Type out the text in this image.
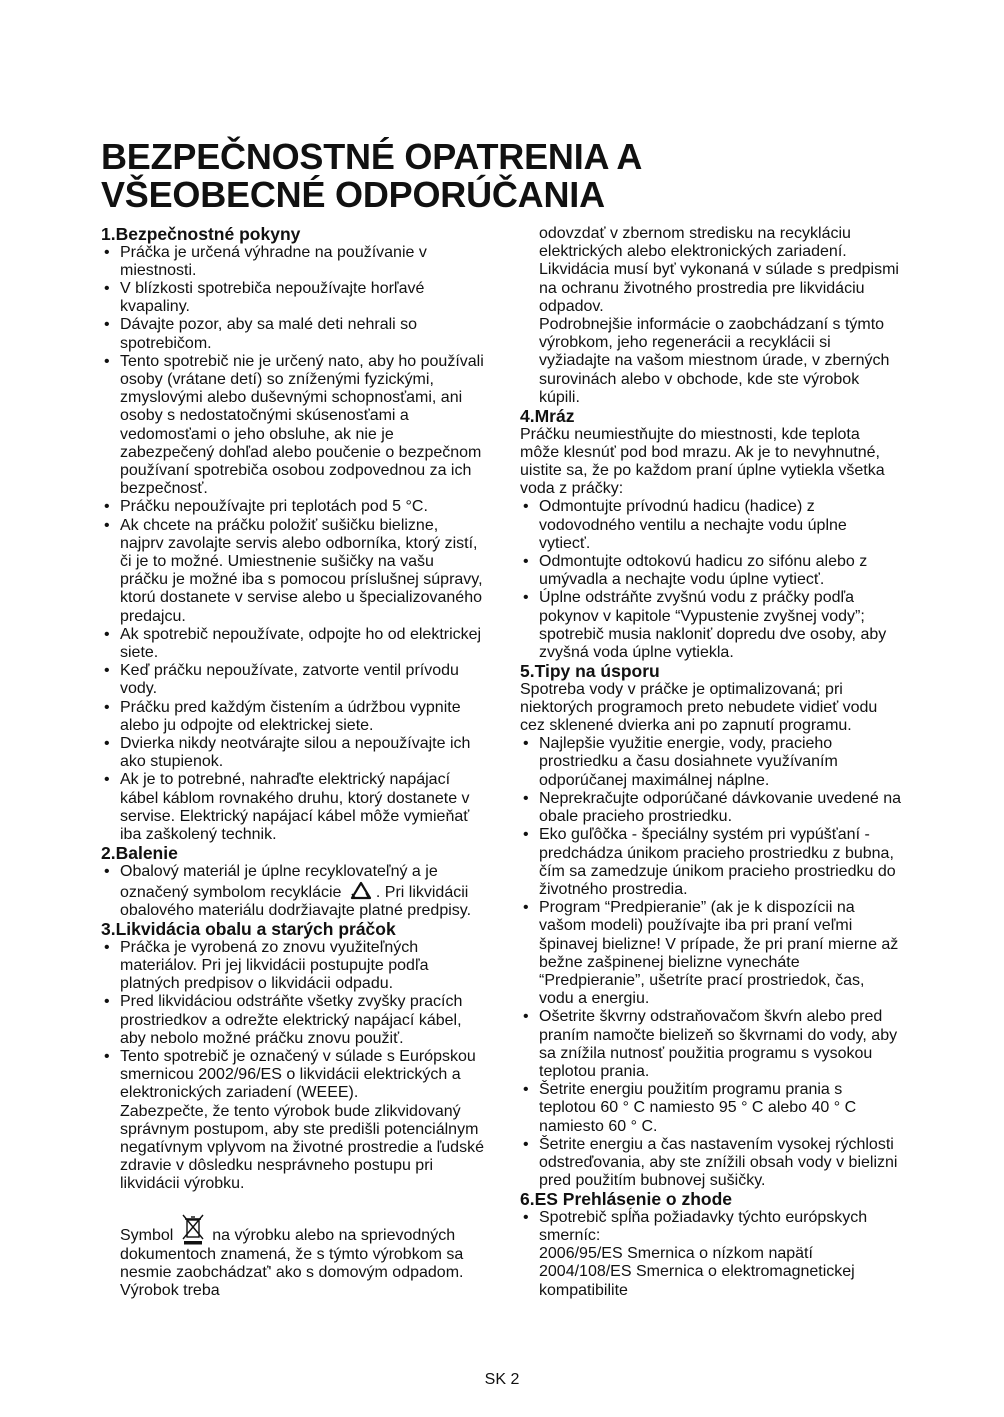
BEZPEČNOSTNÉ OPATRENIA A
VŠEOBECNÉ ODPORÚČANIA

1.Bezpečnostné pokyny

• Práčka je určená výhradne na používanie v miestnosti.
• V blízkosti spotrebiča nepoužívajte horľavé kvapaliny.
• Dávajte pozor, aby sa malé deti nehrali so spotrebičom.
• Tento spotrebič nie je určený nato, aby ho používali osoby (vrátane detí) so zníženými fyzickými, zmyslovými alebo duševnými schopnosťami, ani osoby s nedostatočnými skúsenosťami a vedomosťami o jeho obsluhe, ak nie je zabezpečený dohľad alebo poučenie o bezpečnom používaní spotrebiča osobou zodpovednou za ich bezpečnosť.
• Práčku nepoužívajte pri teplotách pod 5 °C.
• Ak chcete na práčku položiť sušičku bielizne, najprv zavolajte servis alebo odborníka, ktorý zistí, či je to možné. Umiestnenie sušičky na vašu práčku je možné iba s pomocou príslušnej súpravy, ktorú dostanete v servise alebo u špecializovaného predajcu.
• Ak spotrebič nepoužívate, odpojte ho od elektrickej siete.
• Keď práčku nepoužívate, zatvorte ventil prívodu vody.
• Práčku pred každým čistením a údržbou vypnite alebo ju odpojte od elektrickej siete.
• Dvierka nikdy neotvárajte silou a nepoužívajte ich ako stupienok.
• Ak je to potrebné, nahraďte elektrický napájací kábel káblom rovnakého druhu, ktorý dostanete v servise. Elektrický napájací kábel môže vymieňať iba zaškolený technik.

2.Balenie

• Obalový materiál je úplne recyklovateľný a je označený symbolom recyklácie . Pri likvidácii obalového materiálu dodržiavajte platné predpisy.

3.Likvidácia obalu a starých práčok

• Práčka je vyrobená zo znovu využiteľných materiálov. Pri jej likvidácii postupujte podľa platných predpisov o likvidácii odpadu.
• Pred likvidáciou odstráňte všetky zvyšky pracích prostriedkov a odrežte elektrický napájací kábel, aby nebolo možné práčku znovu použiť.
• Tento spotrebič je označený v súlade s Európskou smernicou 2002/96/ES o likvidácii elektrických a elektronických zariadení (WEEE).

Zabezpečte, že tento výrobok bude zlikvidovaný správnym postupom, aby ste predišli potenciálnym negatívnym vplyvom na životné prostredie a ľudské zdravie v dôsledku nesprávneho postupu pri likvidácii výrobku.

Symbol na výrobku alebo na sprievodných dokumentoch znamená, že s týmto výrobkom sa nesmie zaobchádzať' ako s domovým odpadom. Výrobok treba

odovzdať v zbernom stredisku na recykláciu elektrických alebo elektronických zariadení.

Likvidácia musí byť vykonaná v súlade s predpismi na ochranu životného prostredia pre likvidáciu odpadov.

Podrobnejšie informácie o zaobchádzaní s týmto výrobkom, jeho regenerácii a recyklácii si vyžiadajte na vašom miestnom úrade, v zberných surovinách alebo v obchode, kde ste výrobok kúpili.

4.Mráz

Práčku neumiestňujte do miestnosti, kde teplota môže klesnúť pod bod mrazu. Ak je to nevyhnutné, uistite sa, že po každom praní úplne vytiekla všetka voda z práčky:

• Odmontujte prívodnú hadicu (hadice) z vodovodného ventilu a nechajte vodu úplne vytiecť.
• Odmontujte odtokovú hadicu zo sifónu alebo z umývadla a nechajte vodu úplne vytiecť.
• Úplne odstráňte zvyšnú vodu z práčky podľa pokynov v kapitole “Vypustenie zvyšnej vody”; spotrebič musia nakloniť dopredu dve osoby, aby zvyšná voda úplne vytiekla.

5.Tipy na úsporu

Spotreba vody v práčke je optimalizovaná; pri niektorých programoch preto nebudete vidieť vodu cez sklenené dvierka ani po zapnutí programu.

• Najlepšie využitie energie, vody, pracieho prostriedku a času dosiahnete využívaním odporúčanej maximálnej náplne.
• Neprekračujte odporúčané dávkovanie uvedené na obale pracieho prostriedku.
• Eko guľôčka - špeciálny systém pri vypúšťaní - predchádza únikom pracieho prostriedku z bubna, čím sa zamedzuje únikom pracieho prostriedku do životného prostredia.
• Program “Predpieranie” (ak je k dispozícii na vašom modeli) používajte iba pri praní veľmi špinavej bielizne! V prípade, že pri praní mierne až bežne zašpinenej bielizne vynecháte “Predpieranie”, ušetríte prací prostriedok, čas, vodu a energiu.
• Ošetrite škvrny odstraňovačom škvŕn alebo pred praním namočte bielizeň so škvrnami do vody, aby sa znížila nutnosť použitia programu s vysokou teplotou prania.
• Šetrite energiu použitím programu prania s teplotou 60 ° C namiesto 95 ° C alebo 40 ° C namiesto 60 ° C.
• Šetrite energiu a čas nastavením vysokej rýchlosti odstreďovania, aby ste znížili obsah vody v bielizni pred použitím bubnovej sušičky.

6.ES Prehlásenie o zhode

• Spotrebič spĺňa požiadavky týchto európskych smerníc:

2006/95/ES Smernica o nízkom napätí

2004/108/ES Smernica o elektromagnetickej kompatibilite

SK 2
